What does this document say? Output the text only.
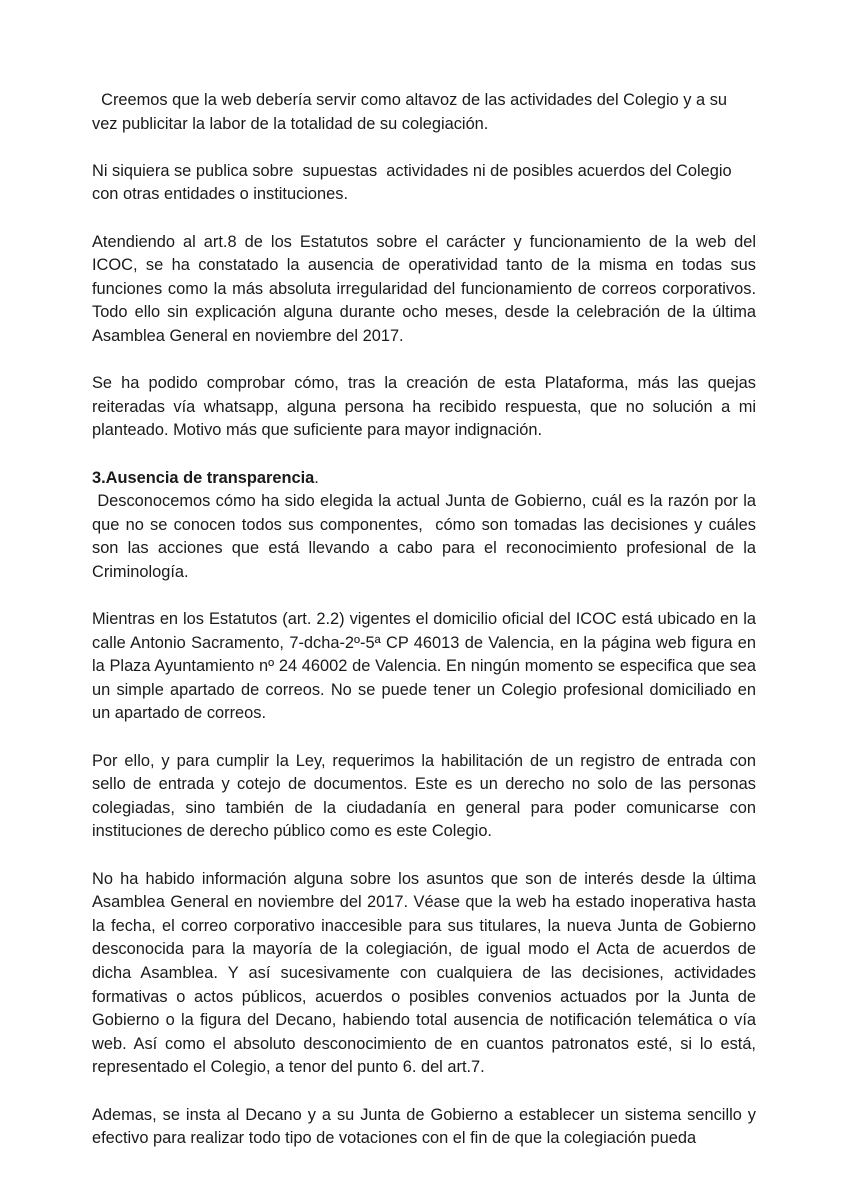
Creemos que la web debería servir como altavoz de las actividades del Colegio y a su vez publicitar la labor de la totalidad de su colegiación.

Ni siquiera se publica sobre  supuestas  actividades ni de posibles acuerdos del Colegio con otras entidades o instituciones.

Atendiendo al art.8 de los Estatutos sobre el carácter y funcionamiento de la web del ICOC, se ha constatado la ausencia de operatividad tanto de la misma en todas sus funciones como la más absoluta irregularidad del funcionamiento de correos corporativos. Todo ello sin explicación alguna durante ocho meses, desde la celebración de la última Asamblea General en noviembre del 2017.

Se ha podido comprobar cómo, tras la creación de esta Plataforma, más las quejas reiteradas vía whatsapp, alguna persona ha recibido respuesta, que no solución a mi planteado. Motivo más que suficiente para mayor indignación.

3.Ausencia de transparencia.

Desconocemos cómo ha sido elegida la actual Junta de Gobierno, cuál es la razón por la que no se conocen todos sus componentes,  cómo son tomadas las decisiones y cuáles son las acciones que está llevando a cabo para el reconocimiento profesional de la Criminología.

Mientras en los Estatutos (art. 2.2) vigentes el domicilio oficial del ICOC está ubicado en la calle Antonio Sacramento, 7-dcha-2º-5ª CP 46013 de Valencia, en la página web figura en la Plaza Ayuntamiento nº 24 46002 de Valencia. En ningún momento se especifica que sea un simple apartado de correos. No se puede tener un Colegio profesional domiciliado en un apartado de correos.

Por ello, y para cumplir la Ley, requerimos la habilitación de un registro de entrada con sello de entrada y cotejo de documentos. Este es un derecho no solo de las personas colegiadas, sino también de la ciudadanía en general para poder comunicarse con instituciones de derecho público como es este Colegio.

No ha habido información alguna sobre los asuntos que son de interés desde la última Asamblea General en noviembre del 2017. Véase que la web ha estado inoperativa hasta la fecha, el correo corporativo inaccesible para sus titulares, la nueva Junta de Gobierno desconocida para la mayoría de la colegiación, de igual modo el Acta de acuerdos de dicha Asamblea. Y así sucesivamente con cualquiera de las decisiones, actividades formativas o actos públicos, acuerdos o posibles convenios actuados por la Junta de Gobierno o la figura del Decano, habiendo total ausencia de notificación telemática o vía web. Así como el absoluto desconocimiento de en cuantos patronatos esté, si lo está, representado el Colegio, a tenor del punto 6. del art.7.

Ademas, se insta al Decano y a su Junta de Gobierno a establecer un sistema sencillo y efectivo para realizar todo tipo de votaciones con el fin de que la colegiación pueda
